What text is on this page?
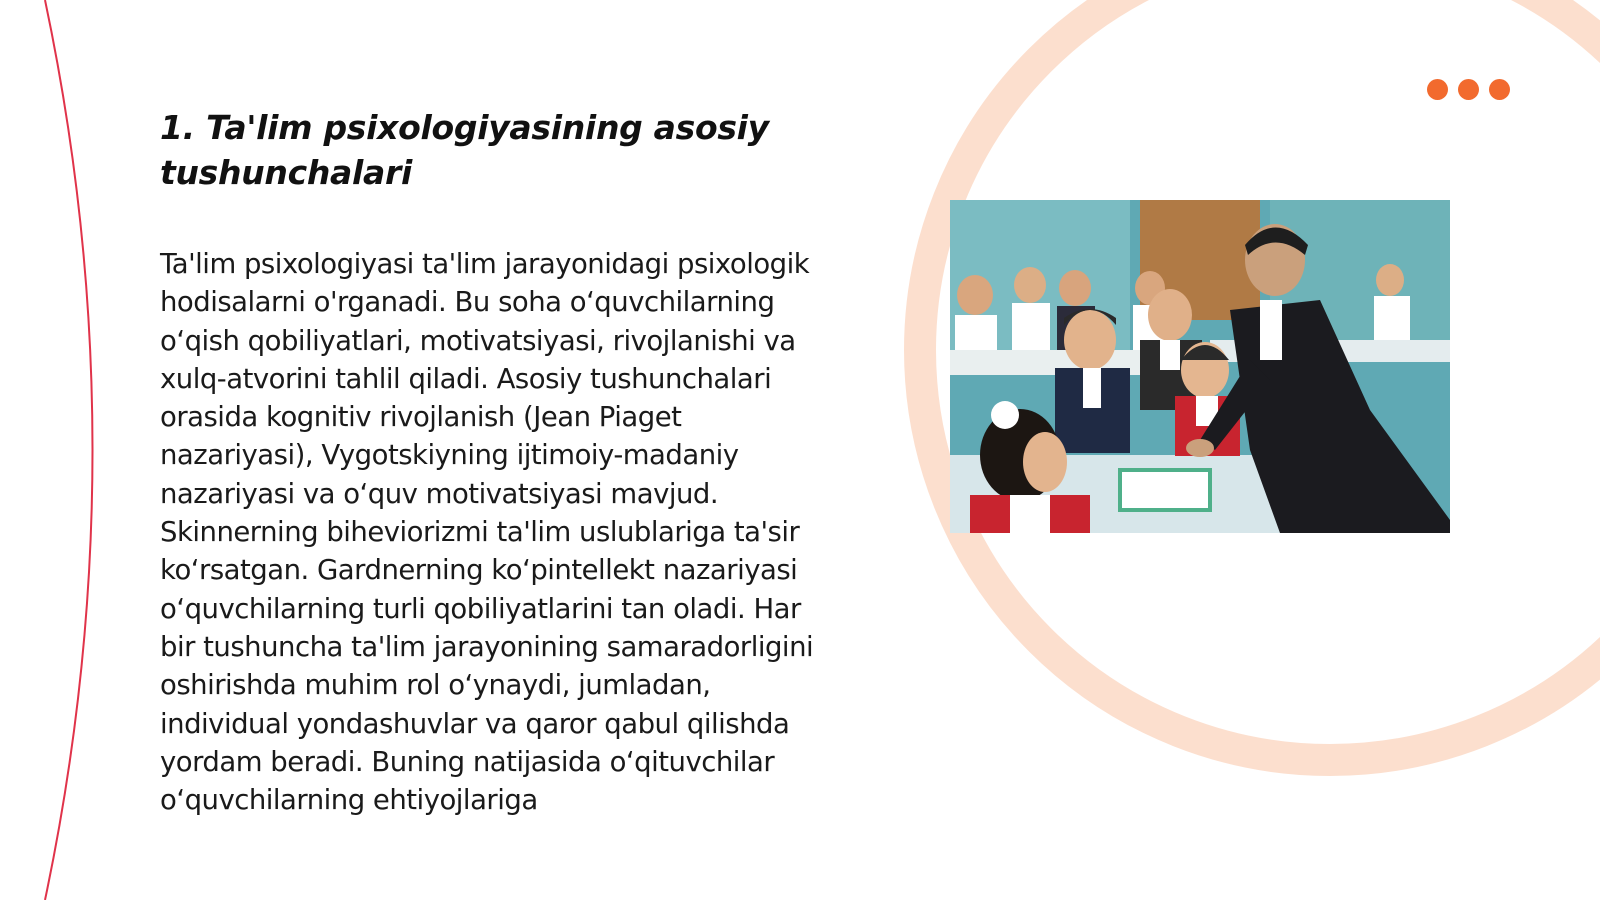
1. Ta'lim psixologiyasining asosiy tushunchalari

Ta'lim psixologiyasi ta'lim jarayonidagi psixologik hodisalarni o'rganadi. Bu soha o‘quvchilarning o‘qish qobiliyatlari, motivatsiyasi, rivojlanishi va xulq-atvorini tahlil qiladi. Asosiy tushunchalari orasida kognitiv rivojlanish (Jean Piaget nazariyasi), Vygotskiyning ijtimoiy-madaniy nazariyasi va o‘quv motivatsiyasi mavjud. Skinnerning biheviorizmi ta'lim uslublariga ta'sir ko‘rsatgan. Gardnerning ko‘pintellekt nazariyasi o‘quvchilarning turli qobiliyatlarini tan oladi. Har bir tushuncha ta'lim jarayonining samaradorligini oshirishda muhim rol o‘ynaydi, jumladan, individual yondashuvlar va qaror qabul qilishda yordam beradi. Buning natijasida o‘qituvchilar o‘quvchilarning ehtiyojlariga
